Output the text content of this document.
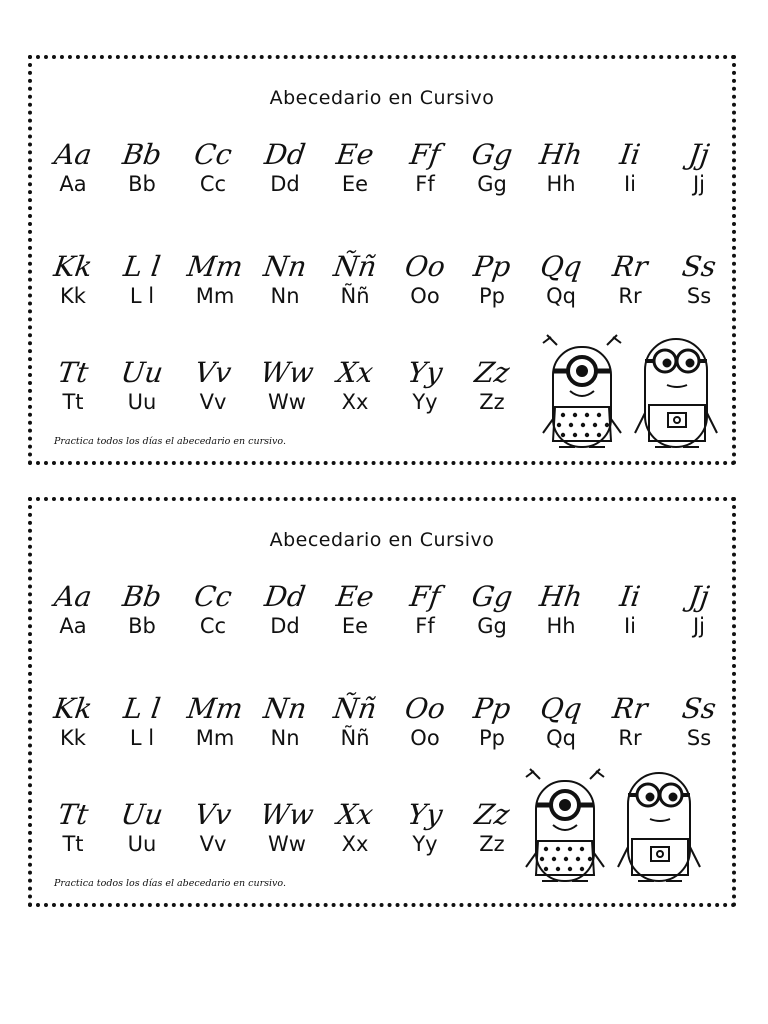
Abecedario en Cursivo
Aa
Aa
Bb
Bb
Cc
Cc
Dd
Dd
Ee
Ee
Ff
Ff
Gg
Gg
Hh
Hh
Ii
Ii
Jj
Jj
Kk
Kk
L l
L l
Mm
Mm
Nn
Nn
Ññ
Ññ
Oo
Oo
Pp
Pp
Qq
Qq
Rr
Rr
Ss
Ss
Tt
Tt
Uu
Uu
Vv
Vv
Ww
Ww
Xx
Xx
Yy
Yy
Zz
Zz
Practica todos los días el abecedario en cursivo.
Abecedario en Cursivo
Aa
Aa
Bb
Bb
Cc
Cc
Dd
Dd
Ee
Ee
Ff
Ff
Gg
Gg
Hh
Hh
Ii
Ii
Jj
Jj
Kk
Kk
L l
L l
Mm
Mm
Nn
Nn
Ññ
Ññ
Oo
Oo
Pp
Pp
Qq
Qq
Rr
Rr
Ss
Ss
Tt
Tt
Uu
Uu
Vv
Vv
Ww
Ww
Xx
Xx
Yy
Yy
Zz
Zz
Practica todos los días el abecedario en cursivo.
